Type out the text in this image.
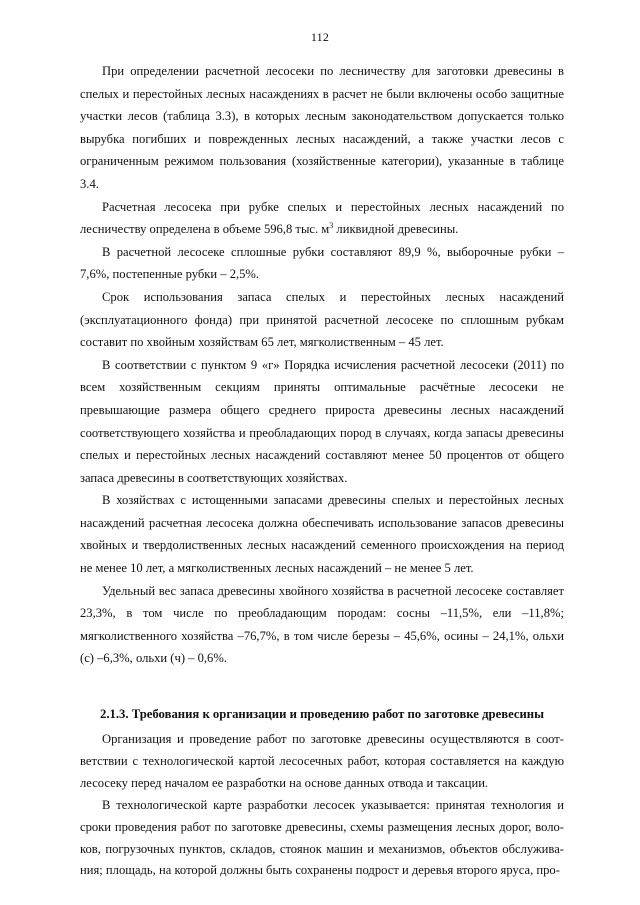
112

При определении расчетной лесосеки по лесничеству для заготовки древесины в спелых и перестойных лесных насаждениях в расчет не были включены особо защитные участки лесов (таблица 3.3), в которых лесным законодательством допускается только вырубка погибших и поврежденных лесных насаждений, а также участки лесов с ограниченным режимом пользования (хозяйственные категории), указанные в таблице 3.4.

Расчетная лесосека при рубке спелых и перестойных лесных насаждений по лесничеству определена в объеме 596,8 тыс. $м^3$ ликвидной древесины.

В расчетной лесосеке сплошные рубки составляют 89,9 %, выборочные рубки – 7,6%, постепенные рубки – 2,5%.

Срок использования запаса спелых и перестойных лесных насаждений (эксплуатационного фонда) при принятой расчетной лесосеке по сплошным рубкам составит по хвойным хозяйствам 65 лет, мягколиственным – 45 лет.

В соответствии с пунктом 9 «г» Порядка исчисления расчетной лесосеки (2011) по всем хозяйственным секциям приняты оптимальные расчётные лесосеки не превышающие размера общего среднего прироста древесины лесных насаждений соответствующего хозяйства и преобладающих пород в случаях, когда запасы древесины спелых и перестойных лесных насаждений составляют менее 50 процентов от общего запаса древесины в соответствующих хозяйствах.

В хозяйствах с истощенными запасами древесины спелых и перестойных лесных насаждений расчетная лесосека должна обеспечивать использование запасов древесины хвойных и твердолиственных лесных насаждений семенного происхождения на период не менее 10 лет, а мягколиственных лесных насаждений – не менее 5 лет.

Удельный вес запаса древесины хвойного хозяйства в расчетной лесосеке составляет 23,3%, в том числе по преобладающим породам: сосны –11,5%, ели –11,8%; мягколиственного хозяйства –76,7%, в том числе березы – 45,6%, осины – 24,1%, ольхи (с) –6,3%, ольхи (ч) – 0,6%.

2.1.3. Требования к организации и проведению работ по заготовке древесины

Организация и проведение работ по заготовке древесины осуществляются в соответствии с технологической картой лесосечных работ, которая составляется на каждую лесосеку перед началом ее разработки на основе данных отвода и таксации.

В технологической карте разработки лесосек указывается: принятая технология и сроки проведения работ по заготовке древесины, схемы размещения лесных дорог, волоков, погрузочных пунктов, складов, стоянок машин и механизмов, объектов обслуживания; площадь, на которой должны быть сохранены подрост и деревья второго яруса, про-
